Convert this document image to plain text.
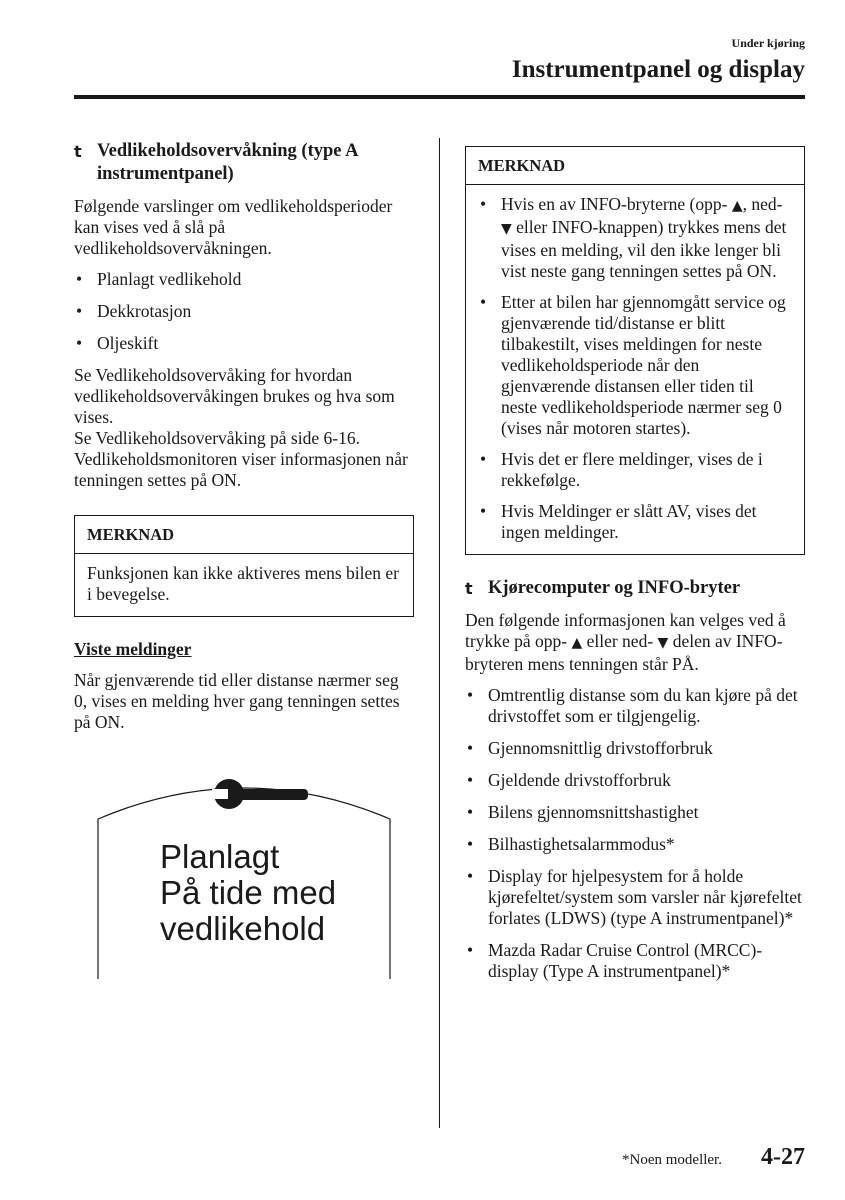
Under kjøring
Instrumentpanel og display
t Vedlikeholdsovervåkning (type A instrumentpanel)

Følgende varslinger om vedlikeholdsperioder kan vises ved å slå på vedlikeholdsovervåkningen.

• Planlagt vedlikehold
• Dekkrotasjon
• Oljeskift
Se Vedlikeholdsovervåking for hvordan vedlikeholdsovervåkingen brukes og hva som vises.
Se Vedlikeholdsovervåking på side 6-16.
Vedlikeholdsmonitoren viser informasjonen når tenningen settes på ON.
MERKNAD
Funksjonen kan ikke aktiveres mens bilen er i bevegelse.

Viste meldinger

Når gjenværende tid eller distanse nærmer seg 0, vises en melding hver gang tenningen settes på ON.

Planlagt
På tide med
vedlikehold
MERKNAD
• Hvis en av INFO-bryterne (opp- ▲, ned- ▼ eller INFO-knappen) trykkes mens det vises en melding, vil den ikke lenger bli vist neste gang tenningen settes på ON.
• Etter at bilen har gjennomgått service og gjenværende tid/distanse er blitt tilbakestilt, vises meldingen for neste vedlikeholdsperiode når den gjenværende distansen eller tiden til neste vedlikeholdsperiode nærmer seg 0 (vises når motoren startes).
• Hvis det er flere meldinger, vises de i rekkefølge.
• Hvis Meldinger er slått AV, vises det ingen meldinger.
t Kjørecomputer og INFO-bryter

Den følgende informasjonen kan velges ved å trykke på opp- ▲ eller ned- ▼ delen av INFO-bryteren mens tenningen står PÅ.

• Omtrentlig distanse som du kan kjøre på det drivstoffet som er tilgjengelig.
• Gjennomsnittlig drivstofforbruk
• Gjeldende drivstofforbruk
• Bilens gjennomsnittshastighet
• Bilhastighetsalarmmodus*
• Display for hjelpesystem for å holde kjørefeltet/system som varsler når kjørefeltet forlates (LDWS) (type A instrumentpanel)*
• Mazda Radar Cruise Control (MRCC)-display (Type A instrumentpanel)*
*Noen modeller. 4-27
